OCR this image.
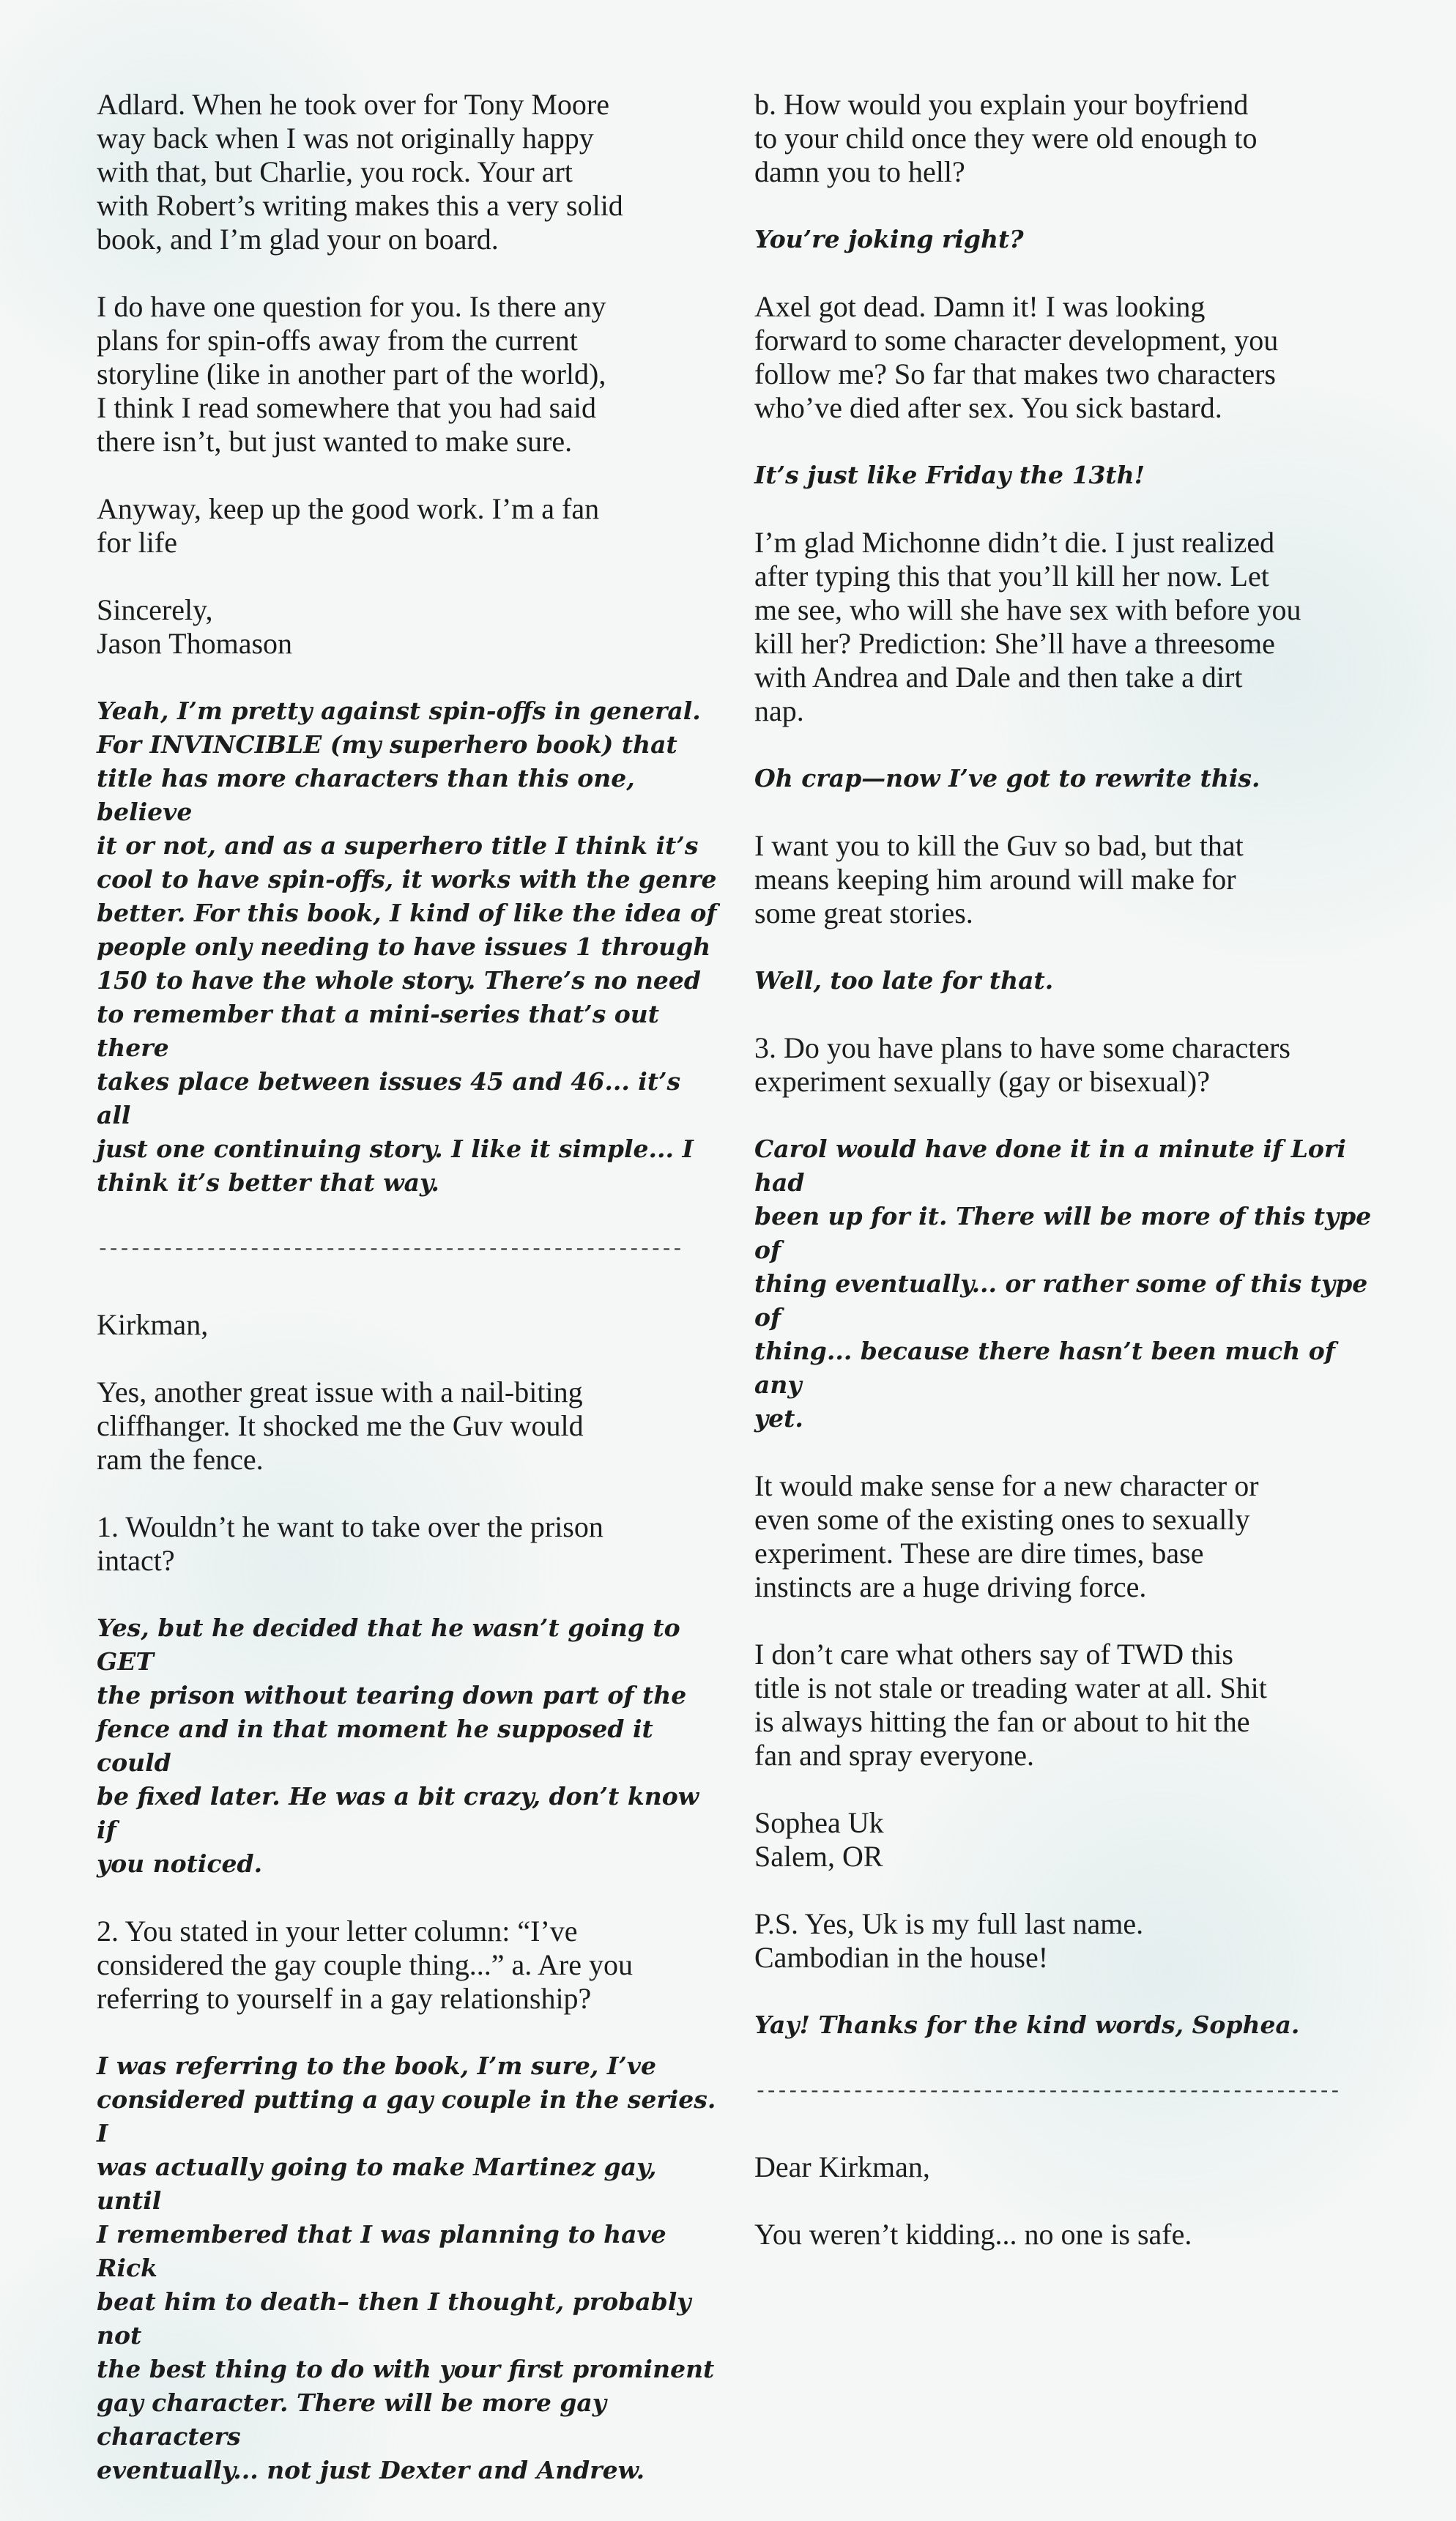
Adlard. When he took over for Tony Moore
way back when I was not originally happy
with that, but Charlie, you rock. Your art
with Robert’s writing makes this a very solid
book, and I’m glad your on board.

I do have one question for you. Is there any
plans for spin-offs away from the current
storyline (like in another part of the world),
I think I read somewhere that you had said
there isn’t, but just wanted to make sure.

Anyway, keep up the good work. I’m a fan
for life

Sincerely,
Jason Thomason

Yeah, I’m pretty against spin-offs in general.
For INVINCIBLE (my superhero book) that
title has more characters than this one, believe
it or not, and as a superhero title I think it’s
cool to have spin-offs, it works with the genre
better. For this book, I kind of like the idea of
people only needing to have issues 1 through
150 to have the whole story. There’s no need
to remember that a mini-series that’s out there
takes place between issues 45 and 46... it’s all
just one continuing story. I like it simple... I
think it’s better that way.

------------------------------------------------------

Kirkman,

Yes, another great issue with a nail-biting
cliffhanger. It shocked me the Guv would
ram the fence.

1. Wouldn’t he want to take over the prison
intact?

Yes, but he decided that he wasn’t going to GET
the prison without tearing down part of the
fence and in that moment he supposed it could
be fixed later. He was a bit crazy, don’t know if
you noticed.

2. You stated in your letter column: “I’ve
considered the gay couple thing...” a. Are you
referring to yourself in a gay relationship?

I was referring to the book, I’m sure, I’ve
considered putting a gay couple in the series. I
was actually going to make Martinez gay, until
I remembered that I was planning to have Rick
beat him to death– then I thought, probably not
the best thing to do with your first prominent
gay character. There will be more gay characters
eventually... not just Dexter and Andrew.

b. How would you explain your boyfriend
to your child once they were old enough to
damn you to hell?

You’re joking right?

Axel got dead. Damn it! I was looking
forward to some character development, you
follow me? So far that makes two characters
who’ve died after sex. You sick bastard.

It’s just like Friday the 13th!

I’m glad Michonne didn’t die. I just realized
after typing this that you’ll kill her now. Let
me see, who will she have sex with before you
kill her? Prediction: She’ll have a threesome
with Andrea and Dale and then take a dirt
nap.

Oh crap—now I’ve got to rewrite this.

I want you to kill the Guv so bad, but that
means keeping him around will make for
some great stories.

Well, too late for that.

3. Do you have plans to have some characters
experiment sexually (gay or bisexual)?

Carol would have done it in a minute if Lori had
been up for it. There will be more of this type of
thing eventually... or rather some of this type of
thing... because there hasn’t been much of any
yet.

It would make sense for a new character or
even some of the existing ones to sexually
experiment. These are dire times, base
instincts are a huge driving force.

I don’t care what others say of TWD this
title is not stale or treading water at all. Shit
is always hitting the fan or about to hit the
fan and spray everyone.

Sophea Uk
Salem, OR

P.S. Yes, Uk is my full last name.
Cambodian in the house!

Yay! Thanks for the kind words, Sophea.

------------------------------------------------------

Dear Kirkman,

You weren’t kidding... no one is safe.
